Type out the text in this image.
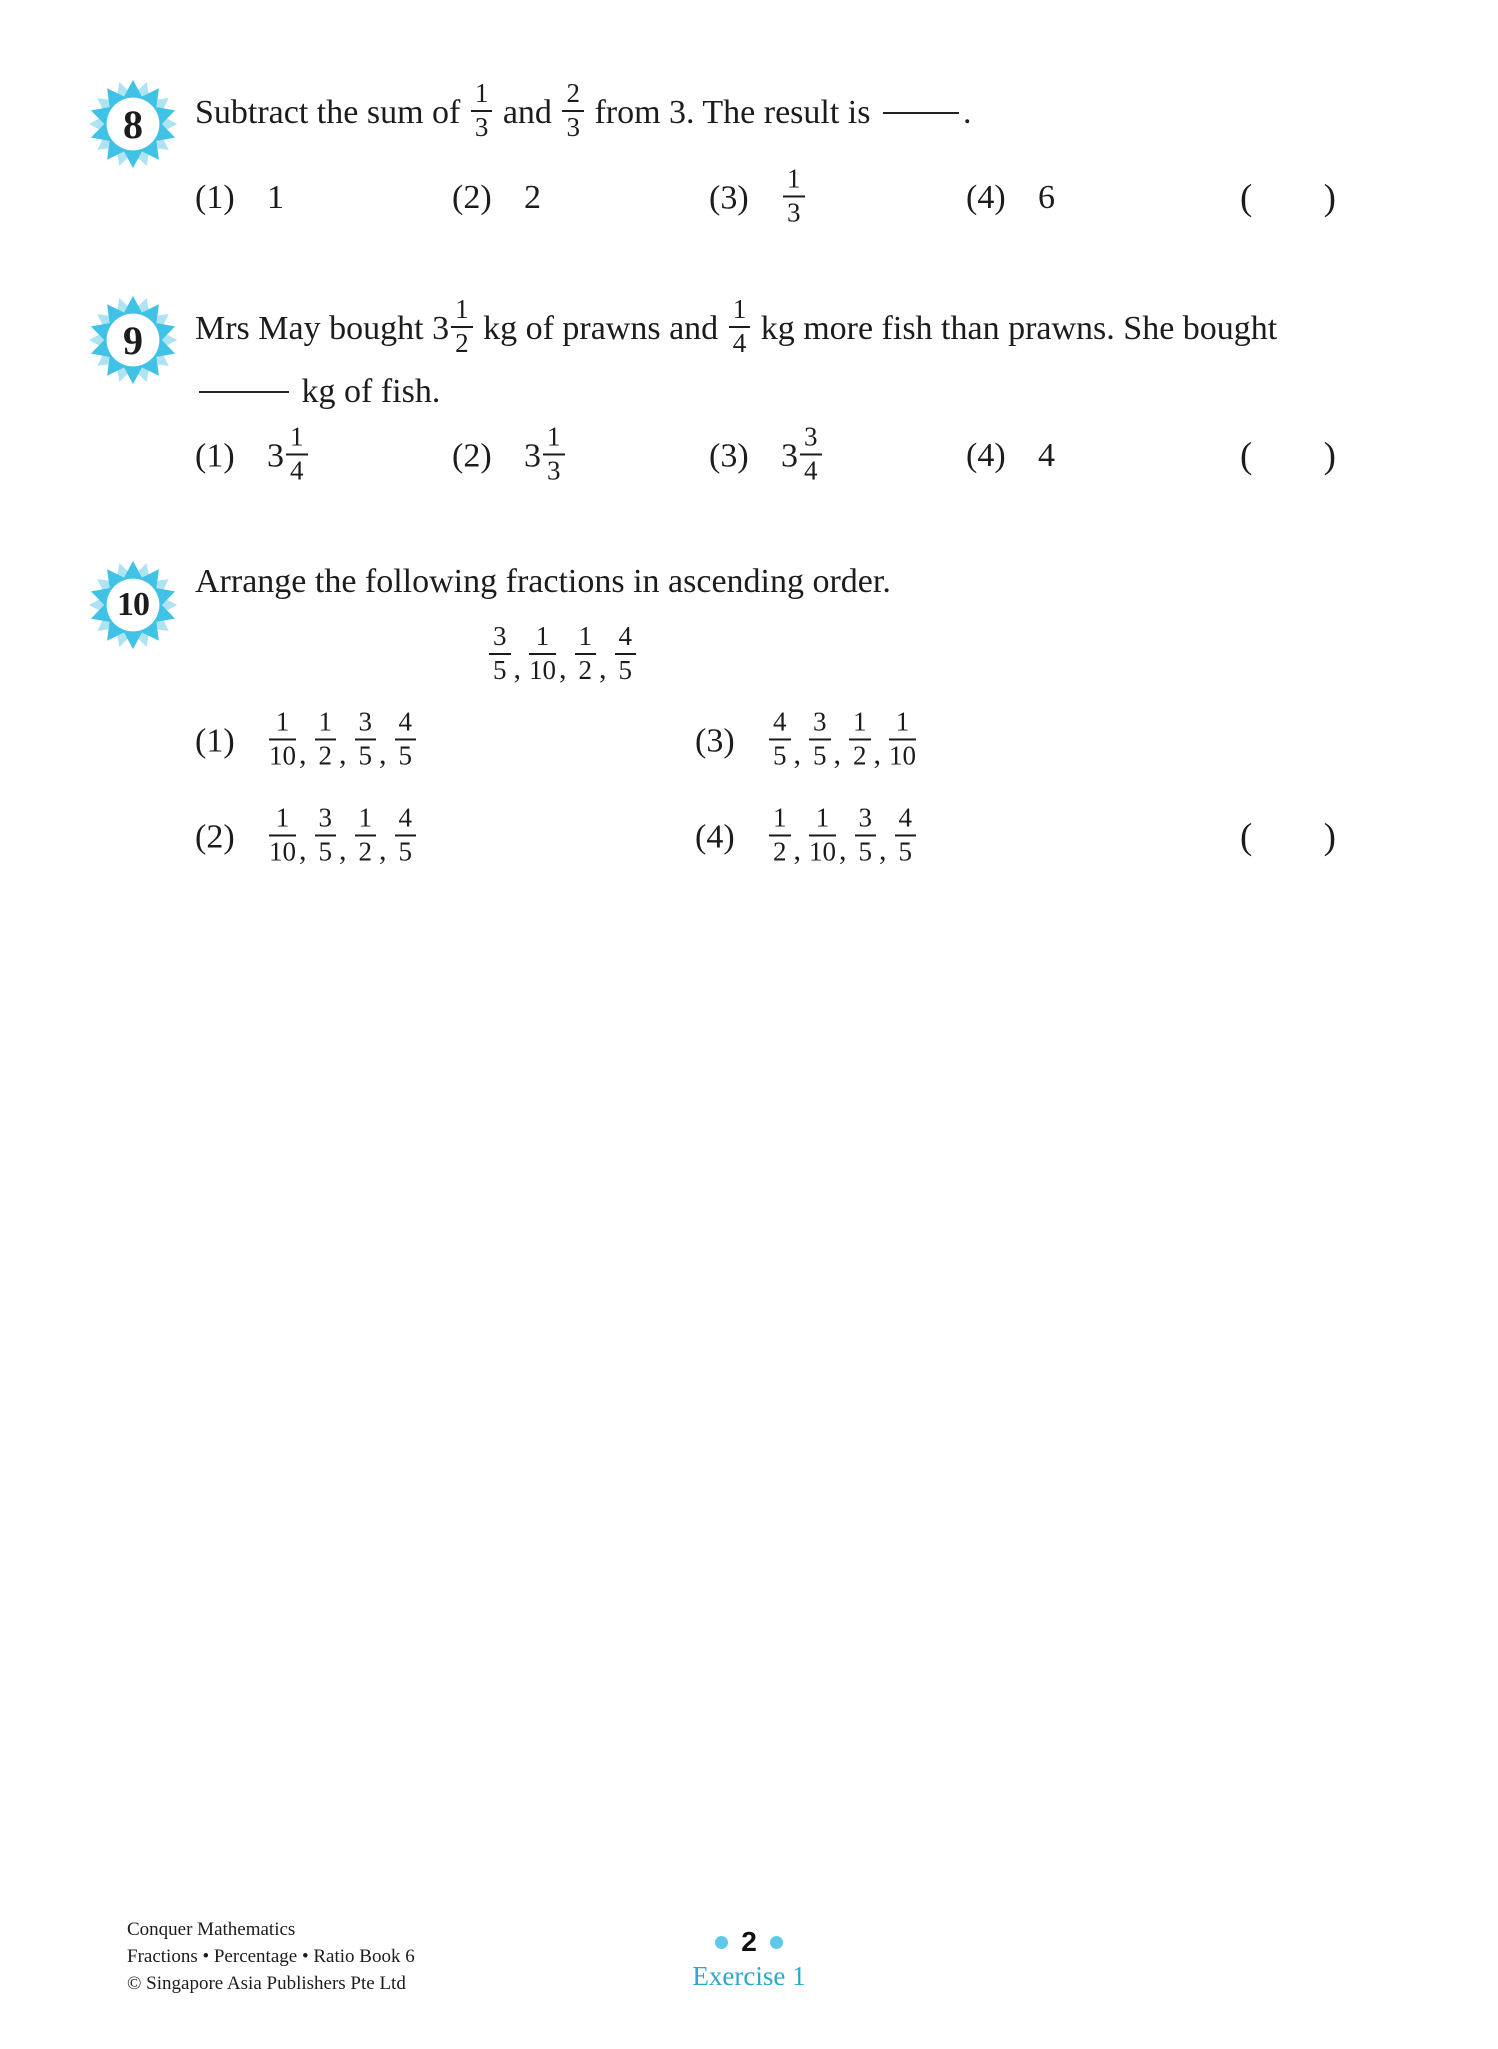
8	Subtract the sum of $\frac{1}{3}$ and $\frac{2}{3}$ from 3. The result is .
(1) 1	(2) 2	(3)	$\frac{1}{3}$	(4) 6	( )
9	Mrs May bought $3 \frac{1}{2}$ kg of prawns and $\frac{1}{4}$ kg more fish than prawns. She bought
kg of fish.
(1) $3 \frac{1}{4}$	(2) $3 \frac{1}{3}$	(3) $3 \frac{3}{4}$	(4) 4	( )
10
Arrange the following fractions in ascending order.
$\frac{3}{5}$ , $\frac{1}{10}$ , $\frac{1}{2}$ , $\frac{4}{5}$
(1)	$\frac{1}{10}$ , $\frac{1}{2}$ , $\frac{3}{5}$ , $\frac{4}{5}$	(3)	$\frac{4}{5}$ , $\frac{3}{5}$ , $\frac{1}{2}$ , $\frac{1}{10}$
(2)	$\frac{1}{10}$ , $\frac{3}{5}$ , $\frac{1}{2}$ , $\frac{4}{5}$	(4)	$\frac{1}{2}$ , $\frac{1}{10}$ , $\frac{3}{5}$ , $\frac{4}{5}$	( )
Conquer Mathematics
Fractions • Percentage • Ratio Book 6
© Singapore Asia Publishers Pte Ltd
2
Exercise 1
